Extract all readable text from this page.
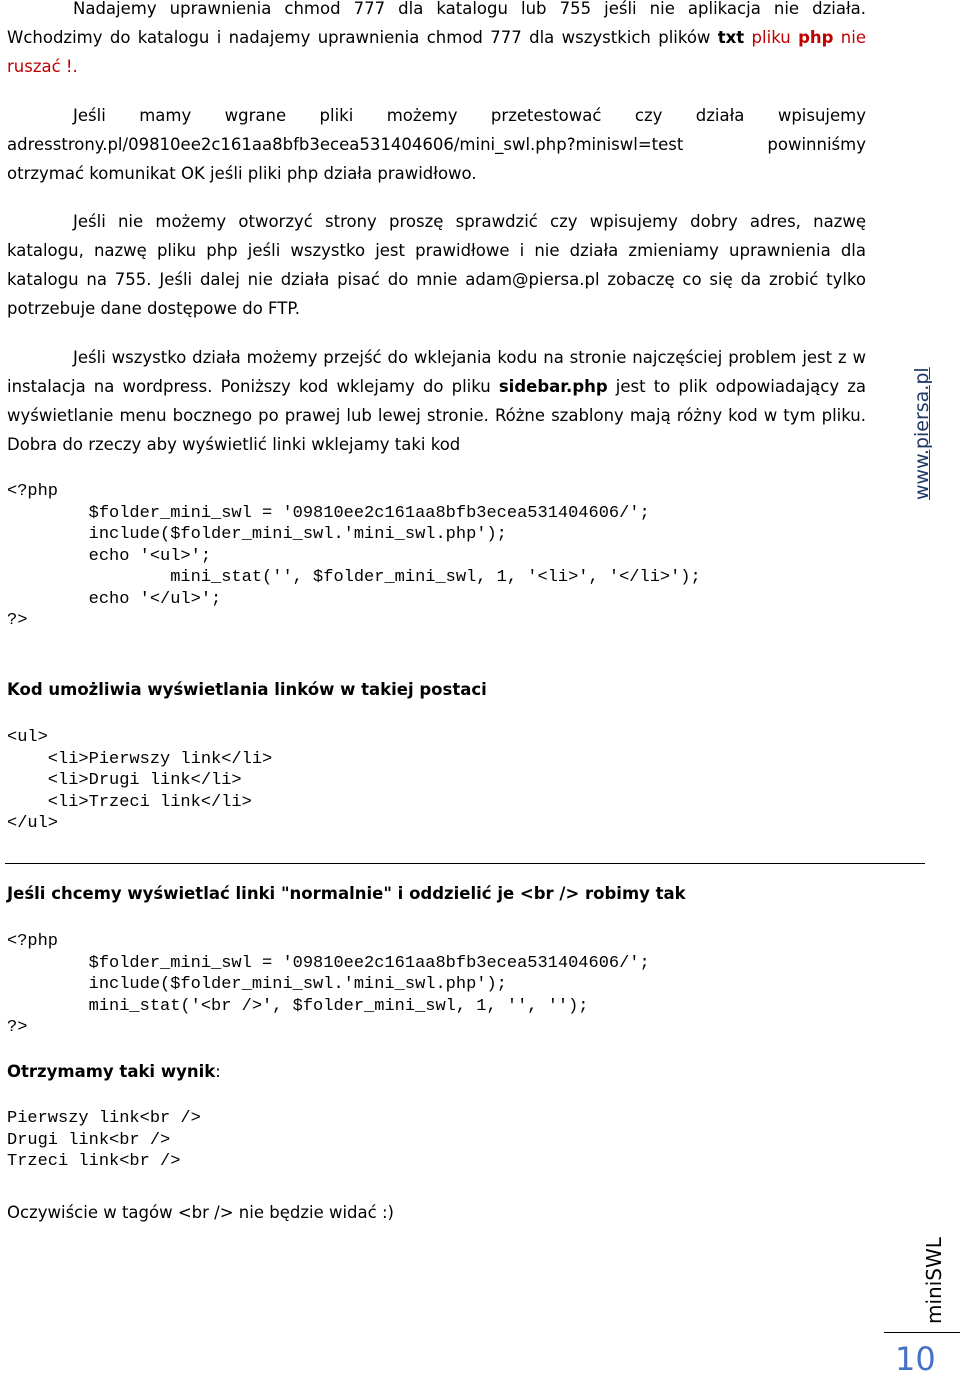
Nadajemy uprawnienia chmod 777 dla katalogu lub 755 jeśli nie aplikacja nie działa. Wchodzimy do katalogu i nadajemy uprawnienia chmod 777 dla wszystkich plików txt pliku php nie ruszać !.
Jeśli mamy wgrane pliki możemy przetestować czy działa wpisujemy adresstrony.pl/09810ee2c161aa8bfb3ecea531404606/mini_swl.php?miniswl=test	powinniśmy otrzymać komunikat OK jeśli pliki php działa prawidłowo.
Jeśli nie możemy otworzyć strony proszę sprawdzić czy wpisujemy dobry adres, nazwę katalogu, nazwę pliku php jeśli wszystko jest prawidłowe i nie działa zmieniamy uprawnienia dla katalogu na 755. Jeśli dalej nie działa pisać do mnie adam@piersa.pl zobaczę co się da zrobić tylko potrzebuje dane dostępowe do FTP.
Jeśli wszystko działa możemy przejść do wklejania kodu na stronie najczęściej problem jest z w instalacja na wordpress. Poniższy kod wklejamy do pliku sidebar.php jest to plik odpowiadający za wyświetlanie menu bocznego po prawej lub lewej stronie. Różne szablony mają różny kod w tym pliku. Dobra do rzeczy aby wyświetlić linki wklejamy taki kod
<?php
$folder_mini_swl = '09810ee2c161aa8bfb3ecea531404606/';
include($folder_mini_swl.'mini_swl.php');
echo '<ul>';
mini_stat('', $folder_mini_swl, 1, '<li>', '</li>');
echo '</ul>';
?>
Kod umożliwia wyświetlania linków w takiej postaci
<ul>
<li>Pierwszy link</li>
<li>Drugi link</li>
<li>Trzeci link</li>
</ul>
Jeśli chcemy wyświetlać linki "normalnie" i oddzielić je <br /> robimy tak
<?php
$folder_mini_swl = '09810ee2c161aa8bfb3ecea531404606/';
include($folder_mini_swl.'mini_swl.php');
mini_stat('<br />', $folder_mini_swl, 1, '', '');
?>
Otrzymamy taki wynik:
Pierwszy link<br />
Drugi link<br />
Trzeci link<br />
Oczywiście w tagów <br /> nie będzie widać :)
www.piersa.pl
miniSWL
10
